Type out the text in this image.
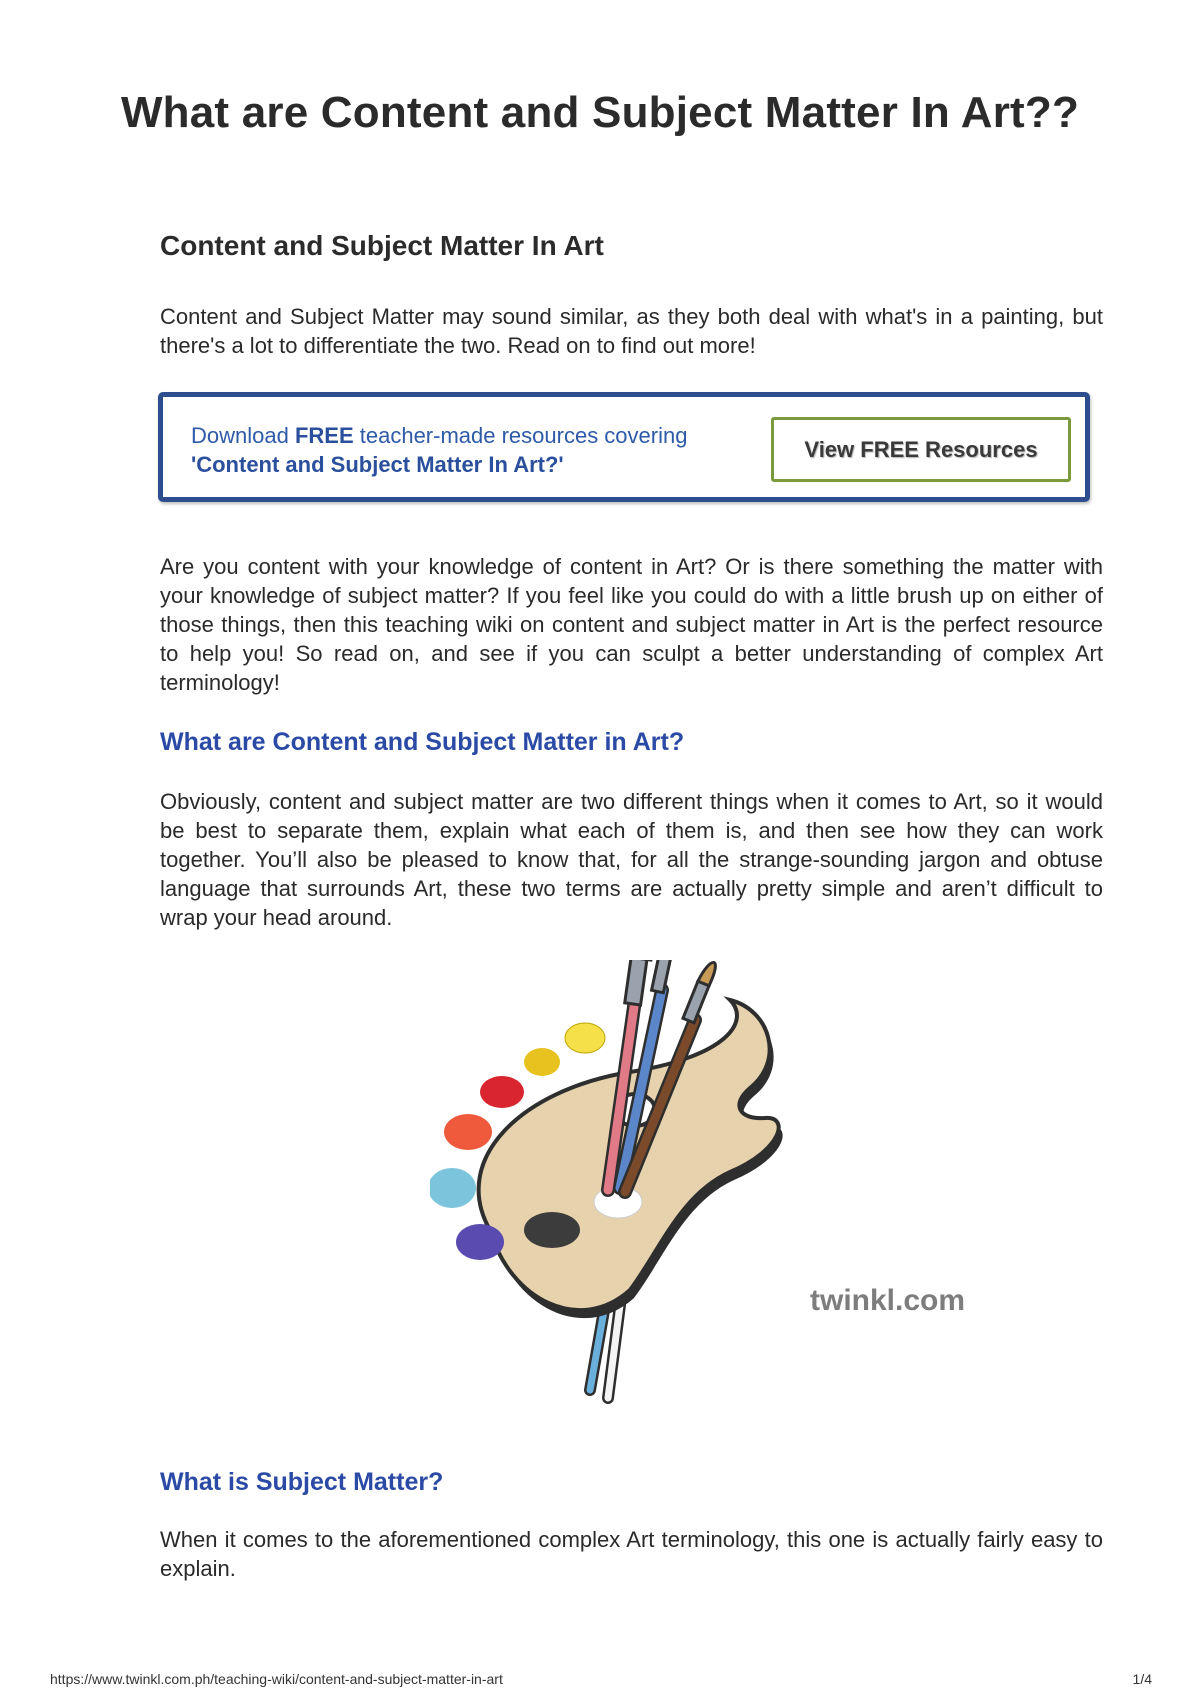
What are Content and Subject Matter In Art??
Content and Subject Matter In Art

Content and Subject Matter may sound similar, as they both deal with what's in a painting, but there's a lot to differentiate the two. Read on to find out more!

Download FREE teacher-made resources covering
'Content and Subject Matter In Art?'
View FREE Resources

Are you content with your knowledge of content in Art? Or is there something the matter with your knowledge of subject matter? If you feel like you could do with a little brush up on either of those things, then this teaching wiki on content and subject matter in Art is the perfect resource to help you! So read on, and see if you can sculpt a better understanding of complex Art terminology!

What are Content and Subject Matter in Art?

Obviously, content and subject matter are two different things when it comes to Art, so it would be best to separate them, explain what each of them is, and then see how they can work together. You’ll also be pleased to know that, for all the strange-sounding jargon and obtuse language that surrounds Art, these two terms are actually pretty simple and aren’t difficult to wrap your head around.

twinkl.com
What is Subject Matter?

When it comes to the aforementioned complex Art terminology, this one is actually fairly easy to explain.

https://www.twinkl.com.ph/teaching-wiki/content-and-subject-matter-in-art	1/4
